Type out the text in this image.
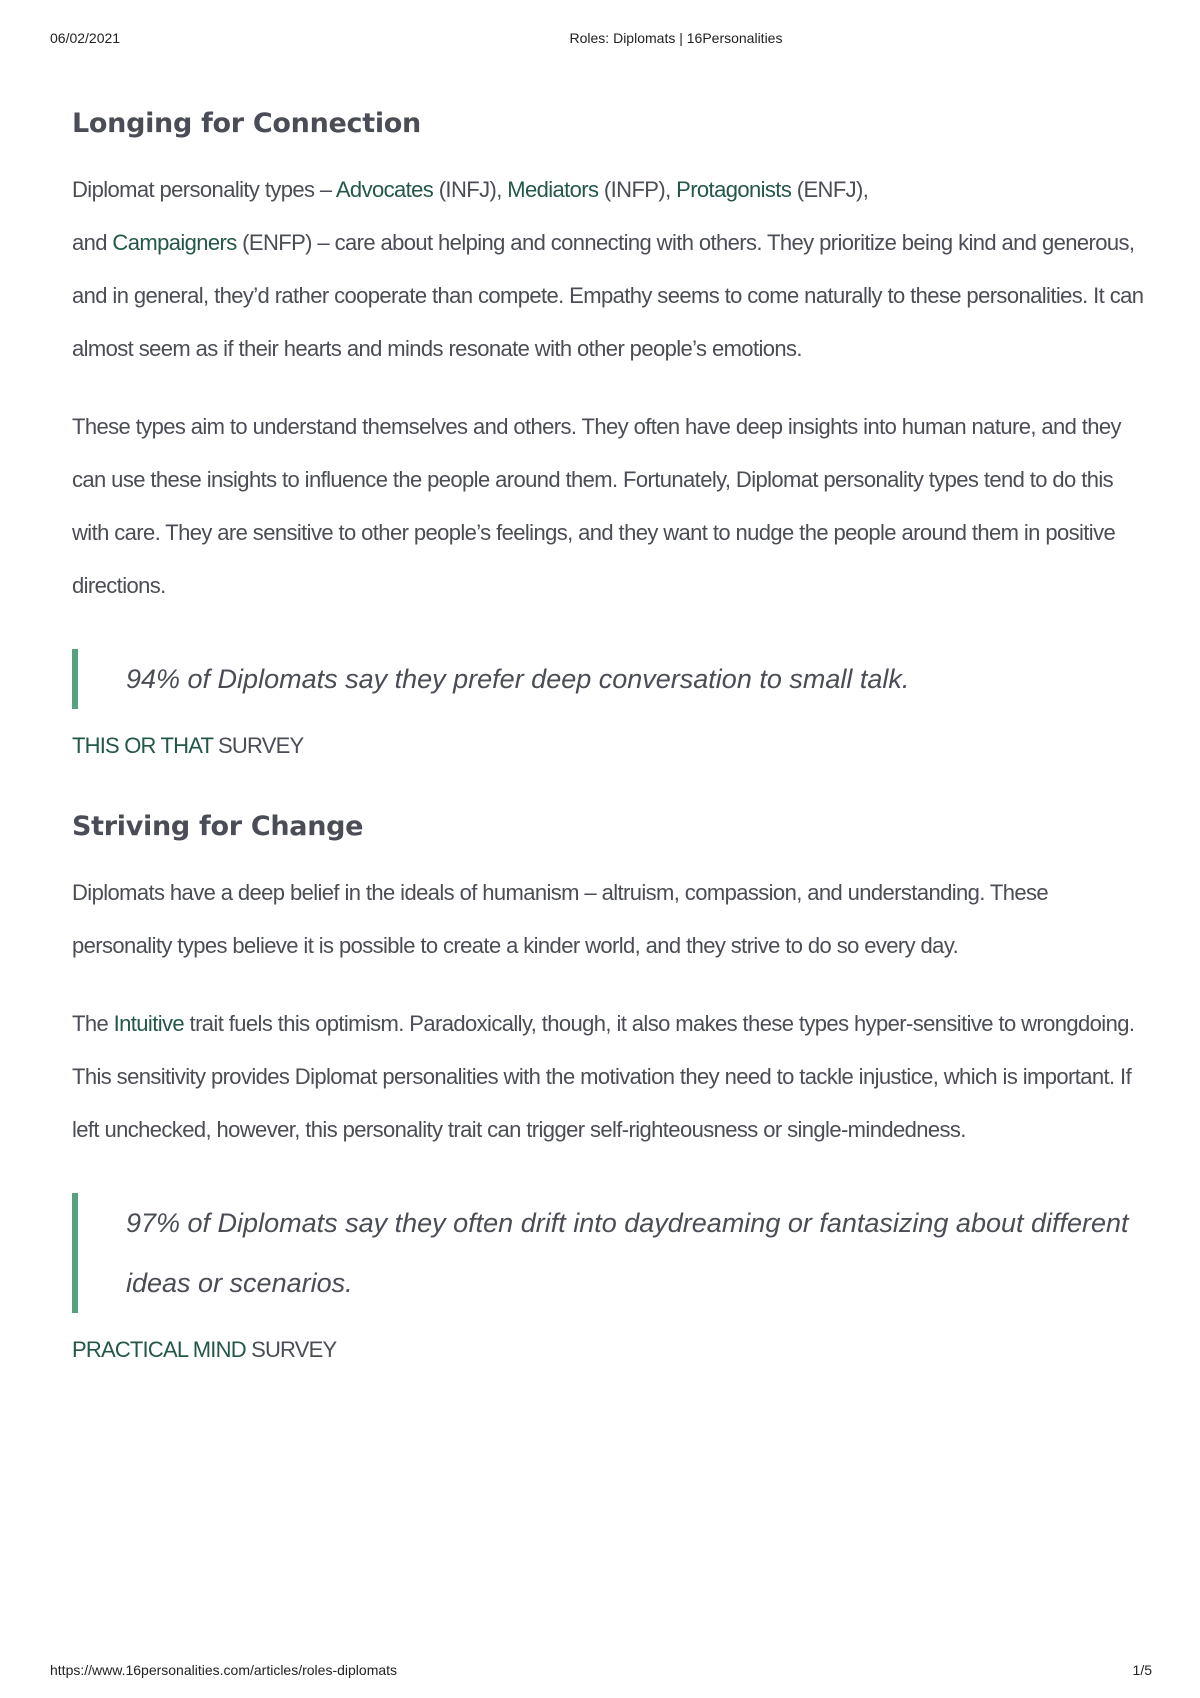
06/02/2021	Roles: Diplomats | 16Personalities
Longing for Connection

Diplomat personality types – Advocates (INFJ), Mediators (INFP), Protagonists (ENFJ),
and Campaigners (ENFP) – care about helping and connecting with others. They prioritize being kind and generous, and in general, they’d rather cooperate than compete. Empathy seems to come naturally to these personalities. It can almost seem as if their hearts and minds resonate with other people’s emotions.

These types aim to understand themselves and others. They often have deep insights into human nature, and they can use these insights to influence the people around them. Fortunately, Diplomat personality types tend to do this with care. They are sensitive to other people’s feelings, and they want to nudge the people around them in positive directions.

94% of Diplomats say they prefer deep conversation to small talk.

THIS OR THAT SURVEY

Striving for Change

Diplomats have a deep belief in the ideals of humanism – altruism, compassion, and understanding. These personality types believe it is possible to create a kinder world, and they strive to do so every day.

The Intuitive trait fuels this optimism. Paradoxically, though, it also makes these types hyper-sensitive to wrongdoing. This sensitivity provides Diplomat personalities with the motivation they need to tackle injustice, which is important. If left unchecked, however, this personality trait can trigger self-righteousness or single-mindedness.

97% of Diplomats say they often drift into daydreaming or fantasizing about different ideas or scenarios.

PRACTICAL MIND SURVEY

https://www.16personalities.com/articles/roles-diplomats	1/5
